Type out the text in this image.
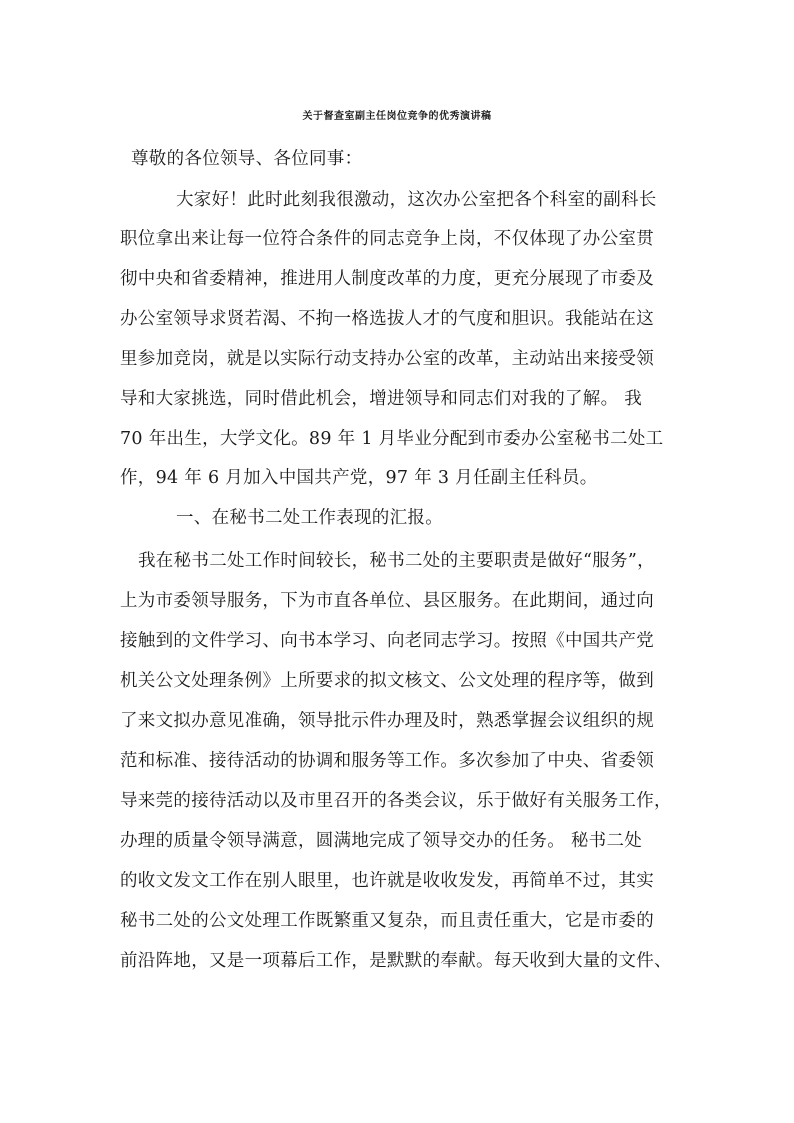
关于督查室副主任岗位竞争的优秀演讲稿
尊敬的各位领导、各位同事：
大家好！此时此刻我很激动，这次办公室把各个科室的副科长
职位拿出来让每一位符合条件的同志竞争上岗，不仅体现了办公室贯
彻中央和省委精神，推进用人制度改革的力度，更充分展现了市委及
办公室领导求贤若渴、不拘一格选拔人才的气度和胆识。我能站在这
里参加竞岗，就是以实际行动支持办公室的改革，主动站出来接受领
导和大家挑选，同时借此机会，增进领导和同志们对我的了解。 我
70 年出生，大学文化。89 年 1 月毕业分配到市委办公室秘书二处工
作，94 年 6 月加入中国共产党，97 年 3 月任副主任科员。
一、在秘书二处工作表现的汇报。
我在秘书二处工作时间较长，秘书二处的主要职责是做好“服务”，
上为市委领导服务，下为市直各单位、县区服务。在此期间，通过向
接触到的文件学习、向书本学习、向老同志学习。按照《中国共产党
机关公文处理条例》上所要求的拟文核文、公文处理的程序等，做到
了来文拟办意见准确，领导批示件办理及时，熟悉掌握会议组织的规
范和标准、接待活动的协调和服务等工作。多次参加了中央、省委领
导来莞的接待活动以及市里召开的各类会议，乐于做好有关服务工作，
办理的质量令领导满意，圆满地完成了领导交办的任务。 秘书二处
的收文发文工作在别人眼里，也许就是收收发发，再简单不过，其实
秘书二处的公文处理工作既繁重又复杂，而且责任重大，它是市委的
前沿阵地，又是一项幕后工作，是默默的奉献。每天收到大量的文件、
